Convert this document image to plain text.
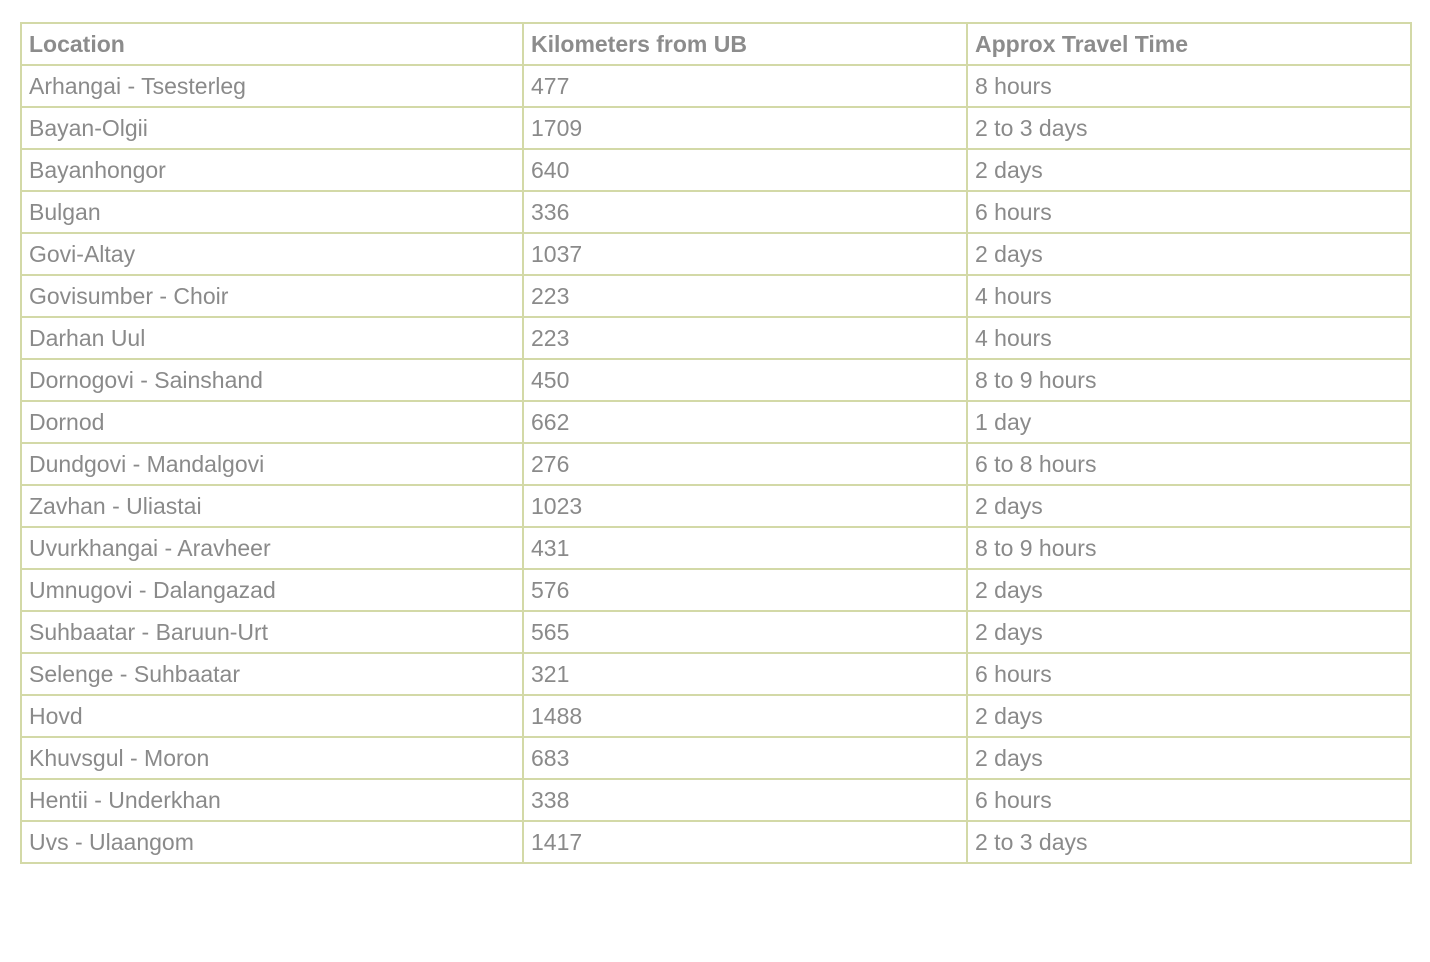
Location	Kilometers from UB	Approx Travel Time
Arhangai - Tsesterleg	477	8 hours
Bayan-Olgii	1709	2 to 3 days
Bayanhongor	640	2 days
Bulgan	336	6 hours
Govi-Altay	1037	2 days
Govisumber - Choir	223	4 hours
Darhan Uul	223	4 hours
Dornogovi - Sainshand	450	8 to 9 hours
Dornod	662	1 day
Dundgovi - Mandalgovi	276	6 to 8 hours
Zavhan - Uliastai	1023	2 days
Uvurkhangai - Aravheer	431	8 to 9 hours
Umnugovi - Dalangazad	576	2 days
Suhbaatar - Baruun-Urt	565	2 days
Selenge - Suhbaatar	321	6 hours
Hovd	1488	2 days
Khuvsgul - Moron	683	2 days
Hentii - Underkhan	338	6 hours
Uvs - Ulaangom	1417	2 to 3 days
